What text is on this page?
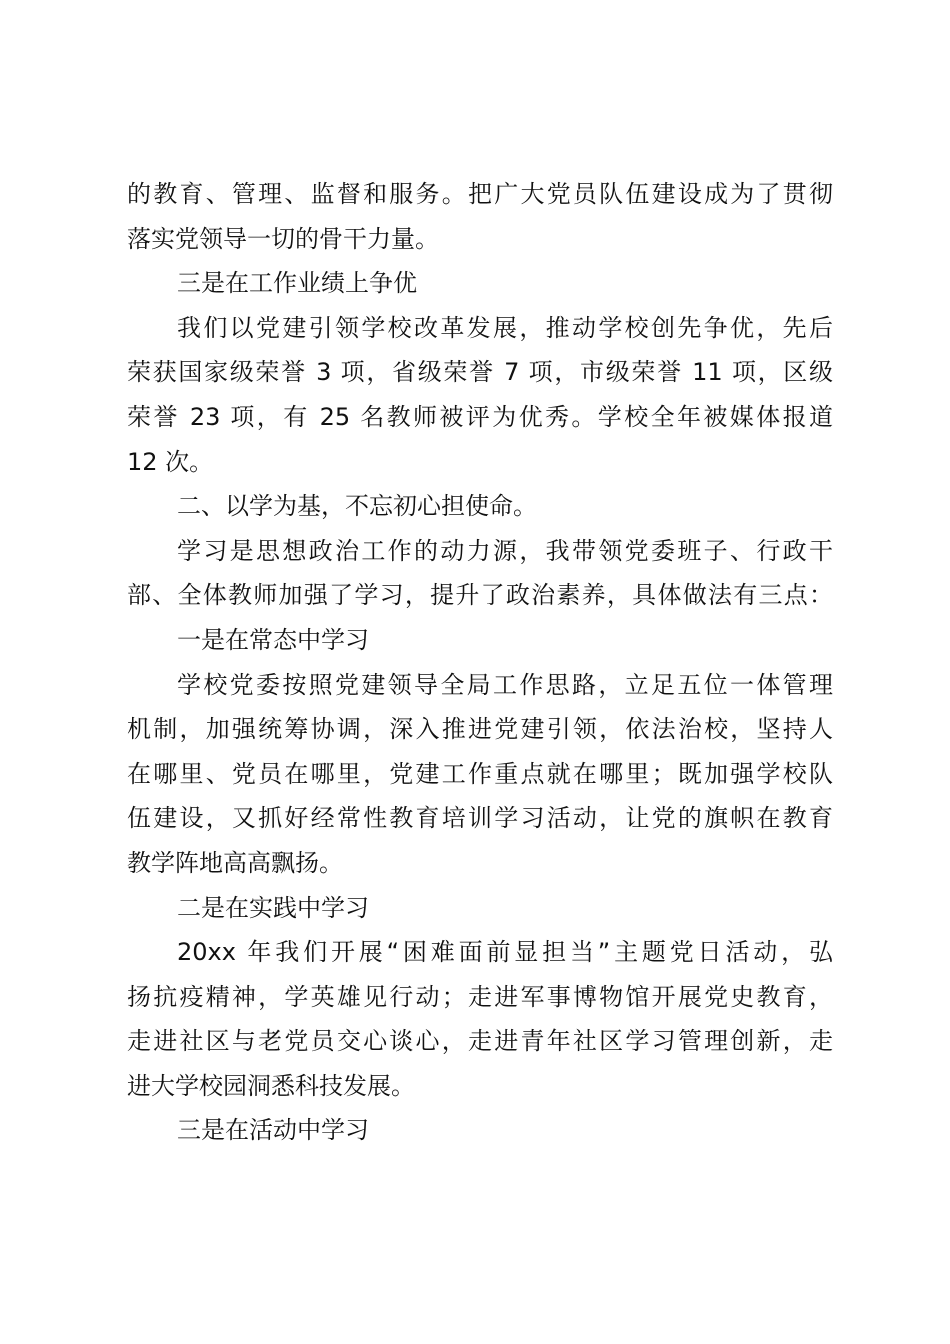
的教育、管理、监督和服务。把广大党员队伍建设成为了贯彻
落实党领导一切的骨干力量。
三是在工作业绩上争优
我们以党建引领学校改革发展，推动学校创先争优，先后
荣获国家级荣誉 3 项，省级荣誉 7 项，市级荣誉 11 项，区级
荣誉 23 项，有 25 名教师被评为优秀。学校全年被媒体报道
12 次。
二、以学为基，不忘初心担使命。
学习是思想政治工作的动力源，我带领党委班子、行政干
部、全体教师加强了学习，提升了政治素养，具体做法有三点：
一是在常态中学习
学校党委按照党建领导全局工作思路，立足五位一体管理
机制，加强统筹协调，深入推进党建引领，依法治校，坚持人
在哪里、党员在哪里，党建工作重点就在哪里；既加强学校队
伍建设，又抓好经常性教育培训学习活动，让党的旗帜在教育
教学阵地高高飘扬。
二是在实践中学习
20xx 年我们开展“困难面前显担当”主题党日活动，弘
扬抗疫精神，学英雄见行动；走进军事博物馆开展党史教育，
走进社区与老党员交心谈心，走进青年社区学习管理创新，走
进大学校园洞悉科技发展。
三是在活动中学习
